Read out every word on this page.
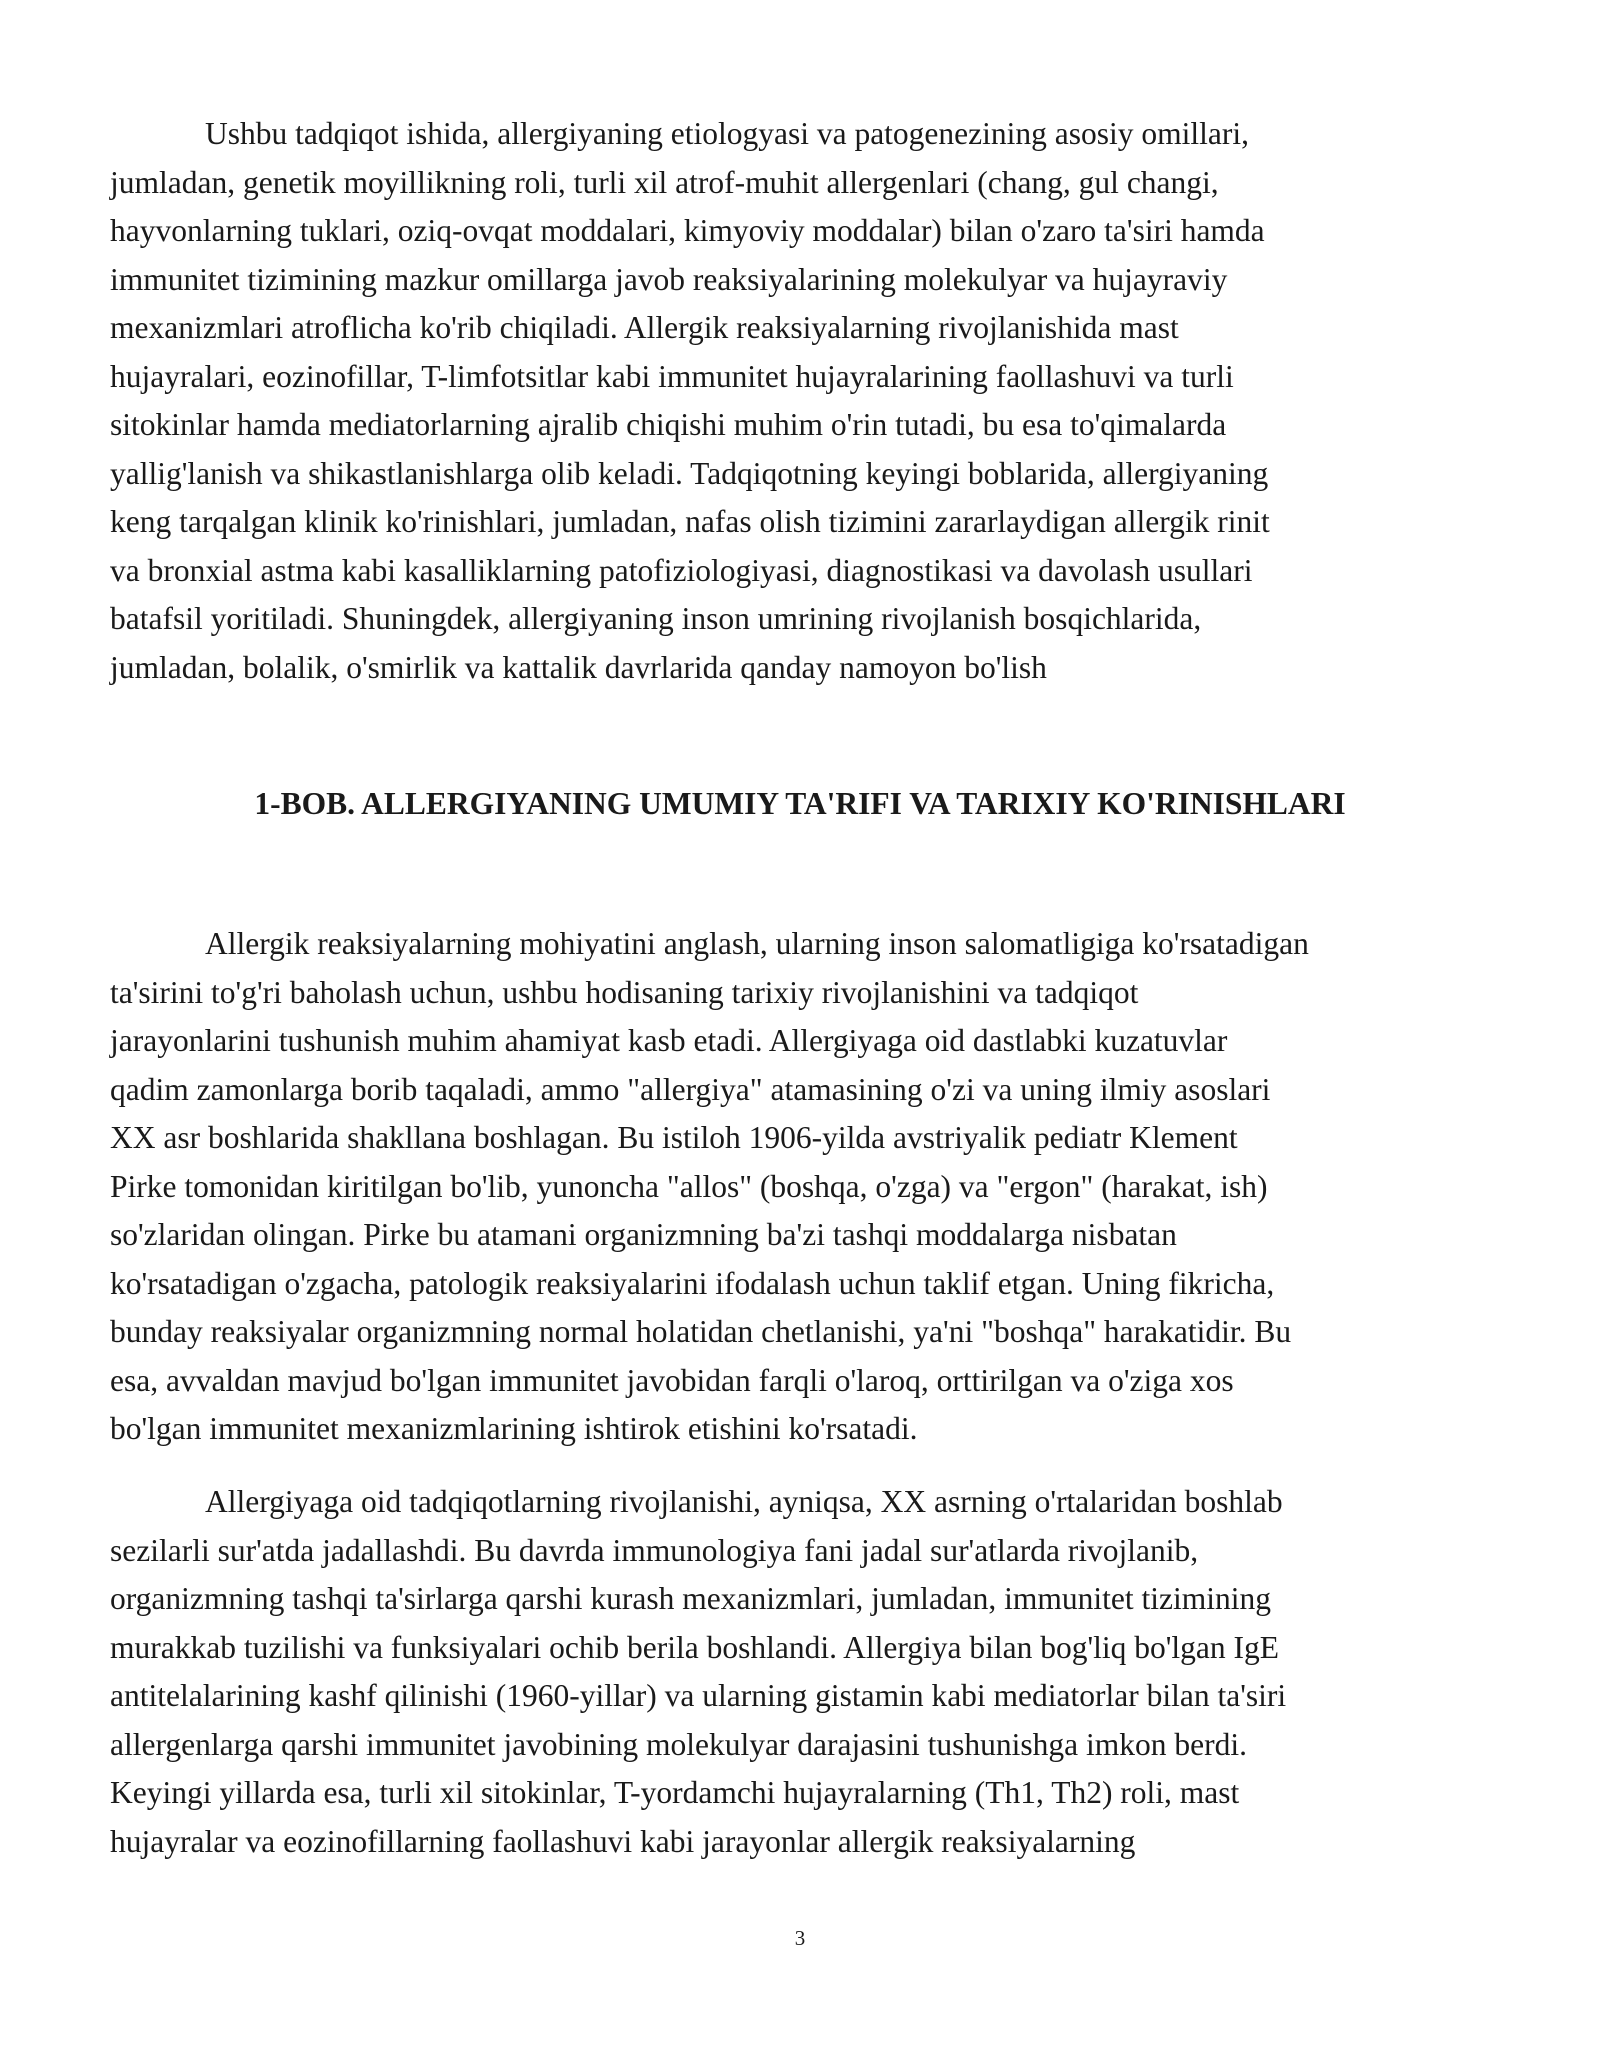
Ushbu tadqiqot ishida, allergiyaning etiologyasi va patogenezining asosiy omillari,
jumladan, genetik moyillikning roli, turli xil atrof-muhit allergenlari (chang, gul changi,
hayvonlarning tuklari, oziq-ovqat moddalari, kimyoviy moddalar) bilan o'zaro ta'siri hamda
immunitet tizimining mazkur omillarga javob reaksiyalarining molekulyar va hujayraviy
mexanizmlari atroflicha ko'rib chiqiladi. Allergik reaksiyalarning rivojlanishida mast
hujayralari, eozinofillar, T-limfotsitlar kabi immunitet hujayralarining faollashuvi va turli
sitokinlar hamda mediatorlarning ajralib chiqishi muhim o'rin tutadi, bu esa to'qimalarda
yallig'lanish va shikastlanishlarga olib keladi. Tadqiqotning keyingi boblarida, allergiyaning
keng tarqalgan klinik ko'rinishlari, jumladan, nafas olish tizimini zararlaydigan allergik rinit
va bronxial astma kabi kasalliklarning patofiziologiyasi, diagnostikasi va davolash usullari
batafsil yoritiladi. Shuningdek, allergiyaning inson umrining rivojlanish bosqichlarida,
jumladan, bolalik, o'smirlik va kattalik davrlarida qanday namoyon bo'lish

1-BOB. ALLERGIYANING UMUMIY TA'RIFI VA TARIXIY KO'RINISHLARI

Allergik reaksiyalarning mohiyatini anglash, ularning inson salomatligiga ko'rsatadigan
ta'sirini to'g'ri baholash uchun, ushbu hodisaning tarixiy rivojlanishini va tadqiqot
jarayonlarini tushunish muhim ahamiyat kasb etadi. Allergiyaga oid dastlabki kuzatuvlar
qadim zamonlarga borib taqaladi, ammo "allergiya" atamasining o'zi va uning ilmiy asoslari
XX asr boshlarida shakllana boshlagan. Bu istiloh 1906-yilda avstriyalik pediatr Klement
Pirke tomonidan kiritilgan bo'lib, yunoncha "allos" (boshqa, o'zga) va "ergon" (harakat, ish)
so'zlaridan olingan. Pirke bu atamani organizmning ba'zi tashqi moddalarga nisbatan
ko'rsatadigan o'zgacha, patologik reaksiyalarini ifodalash uchun taklif etgan. Uning fikricha,
bunday reaksiyalar organizmning normal holatidan chetlanishi, ya'ni "boshqa" harakatidir. Bu
esa, avvaldan mavjud bo'lgan immunitet javobidan farqli o'laroq, orttirilgan va o'ziga xos
bo'lgan immunitet mexanizmlarining ishtirok etishini ko'rsatadi.

Allergiyaga oid tadqiqotlarning rivojlanishi, ayniqsa, XX asrning o'rtalaridan boshlab
sezilarli sur'atda jadallashdi. Bu davrda immunologiya fani jadal sur'atlarda rivojlanib,
organizmning tashqi ta'sirlarga qarshi kurash mexanizmlari, jumladan, immunitet tizimining
murakkab tuzilishi va funksiyalari ochib berila boshlandi. Allergiya bilan bog'liq bo'lgan IgE
antitelalarining kashf qilinishi (1960-yillar) va ularning gistamin kabi mediatorlar bilan ta'siri
allergenlarga qarshi immunitet javobining molekulyar darajasini tushunishga imkon berdi.
Keyingi yillarda esa, turli xil sitokinlar, T-yordamchi hujayralarning (Th1, Th2) roli, mast
hujayralar va eozinofillarning faollashuvi kabi jarayonlar allergik reaksiyalarning

3
